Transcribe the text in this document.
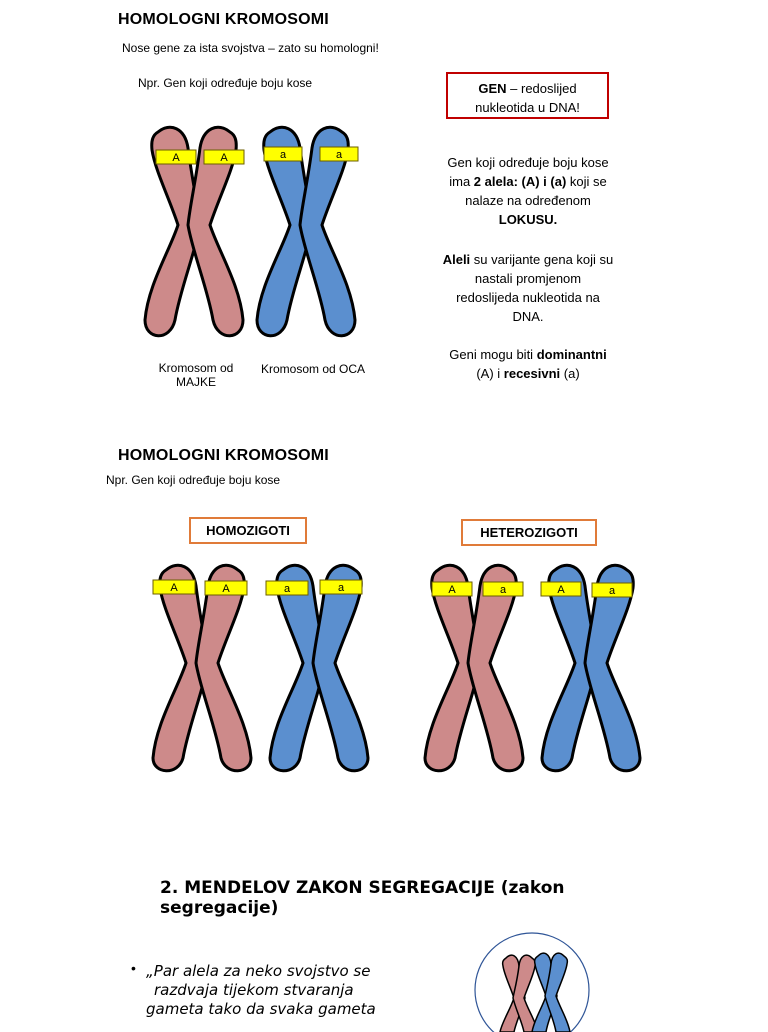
HOMOLOGNI KROMOSOMI
Nose gene za ista svojstva – zato su homologni!
Npr. Gen koji određuje boju kose
A	A	a	a
Kromosom od
MAJKE
Kromosom od OCA
GEN – redoslijed
nukleotida u DNA!
Gen koji određuje boju kose
ima 2 alela: (A) i (a) koji se
nalaze na određenom
LOKUSU.
Aleli su varijante gena koji su
nastali promjenom
redoslijeda nukleotida na
DNA.
Geni mogu biti dominantni
(A) i recesivni (a)
HOMOLOGNI KROMOSOMI
Npr. Gen koji određuje boju kose
HOMOZIGOTI	HETEROZIGOTI
A	A	a	a	A	a	A	a
2. MENDELOV ZAKON SEGREGACIJE (zakon
segregacije)
• „Par alela za neko svojstvo se
razdvaja tijekom stvaranja
gameta tako da svaka gameta
